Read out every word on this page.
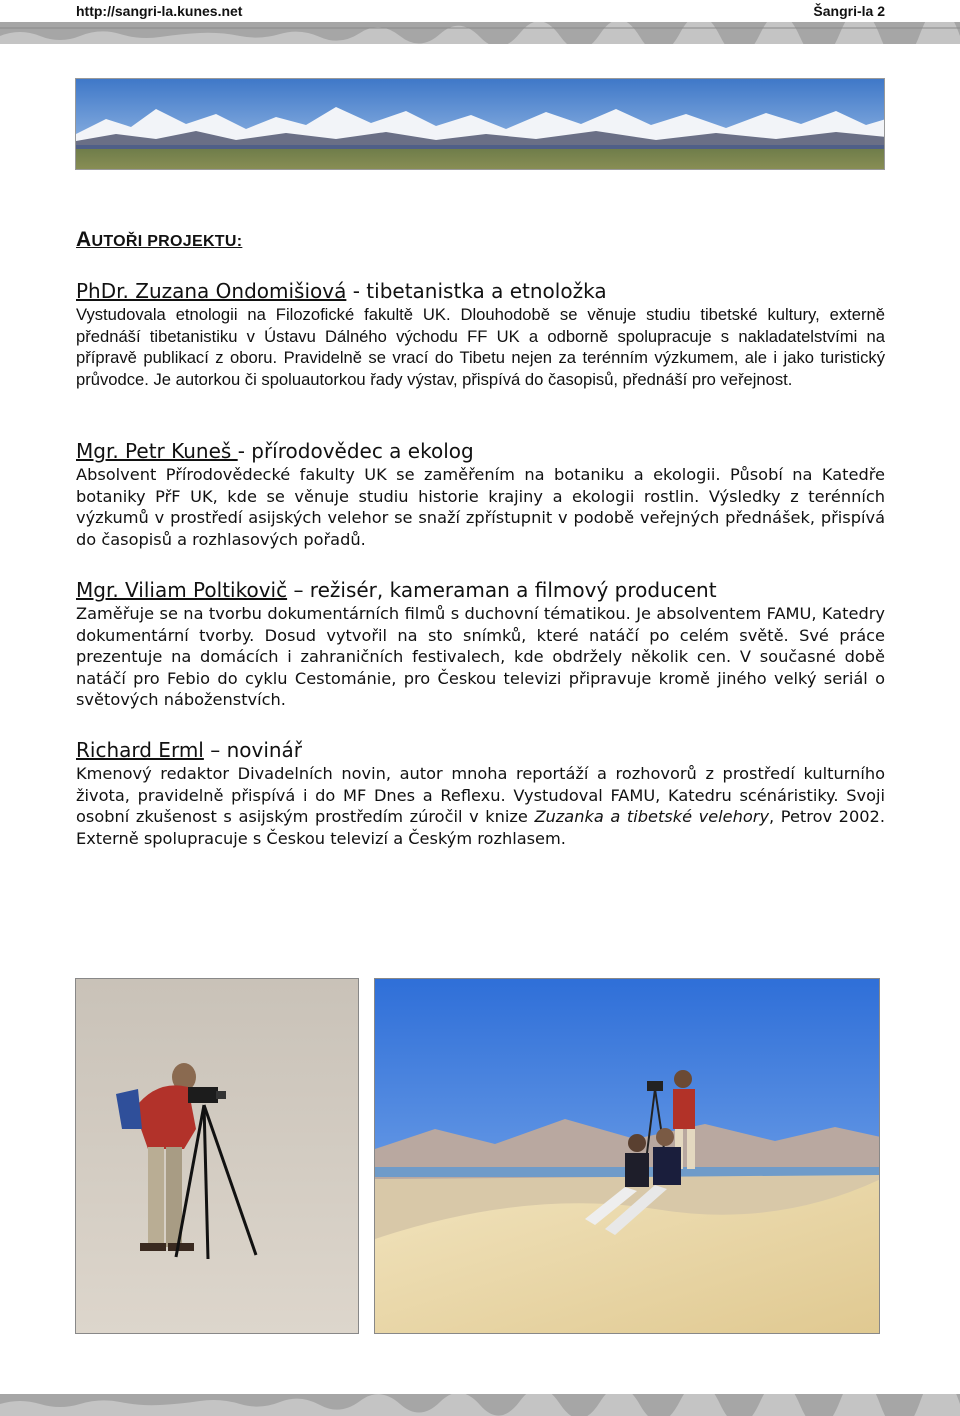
http://sangri-la.kunes.net	Šangri-la 2
AUTOŘI PROJEKTU:
PhDr. Zuzana Ondomišiová - tibetanistka a etnoložka
Vystudovala etnologii na Filozofické fakultě UK. Dlouhodobě se věnuje studiu tibetské kultury, externě přednáší tibetanistiku v Ústavu Dálného východu FF UK a odborně spolupracuje s nakladatelstvími na přípravě publikací z oboru. Pravidelně se vrací do Tibetu nejen za terénním výzkumem, ale i jako turistický průvodce. Je autorkou či spoluautorkou řady výstav, přispívá do časopisů, přednáší pro veřejnost.
Mgr. Petr Kuneš - přírodovědec a ekolog
Absolvent Přírodovědecké fakulty UK se zaměřením na botaniku a ekologii. Působí na Katedře botaniky PřF UK, kde se věnuje studiu historie krajiny a ekologii rostlin. Výsledky z terénních výzkumů v prostředí asijských velehor se snaží zpřístupnit v podobě veřejných přednášek, přispívá do časopisů a rozhlasových pořadů.
Mgr. Viliam Poltikovič – režisér, kameraman a filmový producent
Zaměřuje se na tvorbu dokumentárních filmů s duchovní tématikou. Je absolventem FAMU, Katedry dokumentární tvorby. Dosud vytvořil na sto snímků, které natáčí po celém světě. Své práce prezentuje na domácích i zahraničních festivalech, kde obdržely několik cen. V současné době natáčí pro Febio do cyklu Cestománie, pro Českou televizi připravuje kromě jiného velký seriál o světových náboženstvích.
Richard Erml – novinář
Kmenový redaktor Divadelních novin, autor mnoha reportáží a rozhovorů z prostředí kulturního života, pravidelně přispívá i do MF Dnes a Reflexu. Vystudoval FAMU, Katedru scénáristiky. Svoji osobní zkušenost s asijským prostředím zúročil v knize Zuzanka a tibetské velehory, Petrov 2002. Externě spolupracuje s Českou televizí a Českým rozhlasem.
